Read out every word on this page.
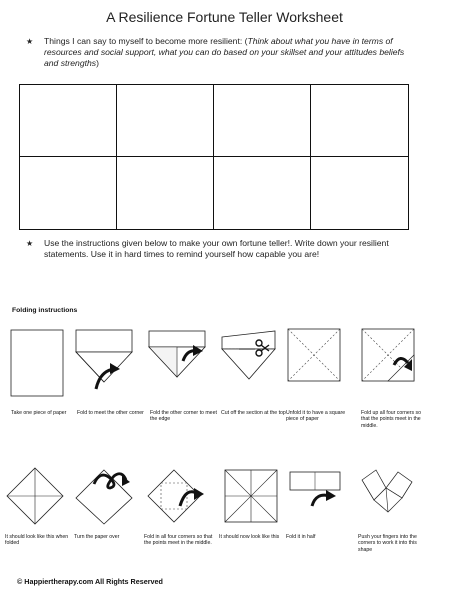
A Resilience Fortune Teller Worksheet
★ Things I can say to myself to become more resilient: (Think about what you have in terms of resources and social support, what you can do based on your skillset and your attitudes beliefs and strengths)
★ Use the instructions given below to make your own fortune teller!. Write down your resilient statements. Use it in hard times to remind yourself how capable you are!
Folding instructions
Take one piece of paper	Fold to meet the other corner	Fold the other corner to meet the edge
Cut off the section at the top Unfold it to have a square piece of paper
Fold up all four corners so that the points meet in the middle.
It should look like this when folded
Turn the paper over	Fold in all four corners so that the points meet in the middle.
It should now look like this	Fold it in half	Push your fingers into the corners to work it into this shape
© Happiertherapy.com All Rights Reserved
